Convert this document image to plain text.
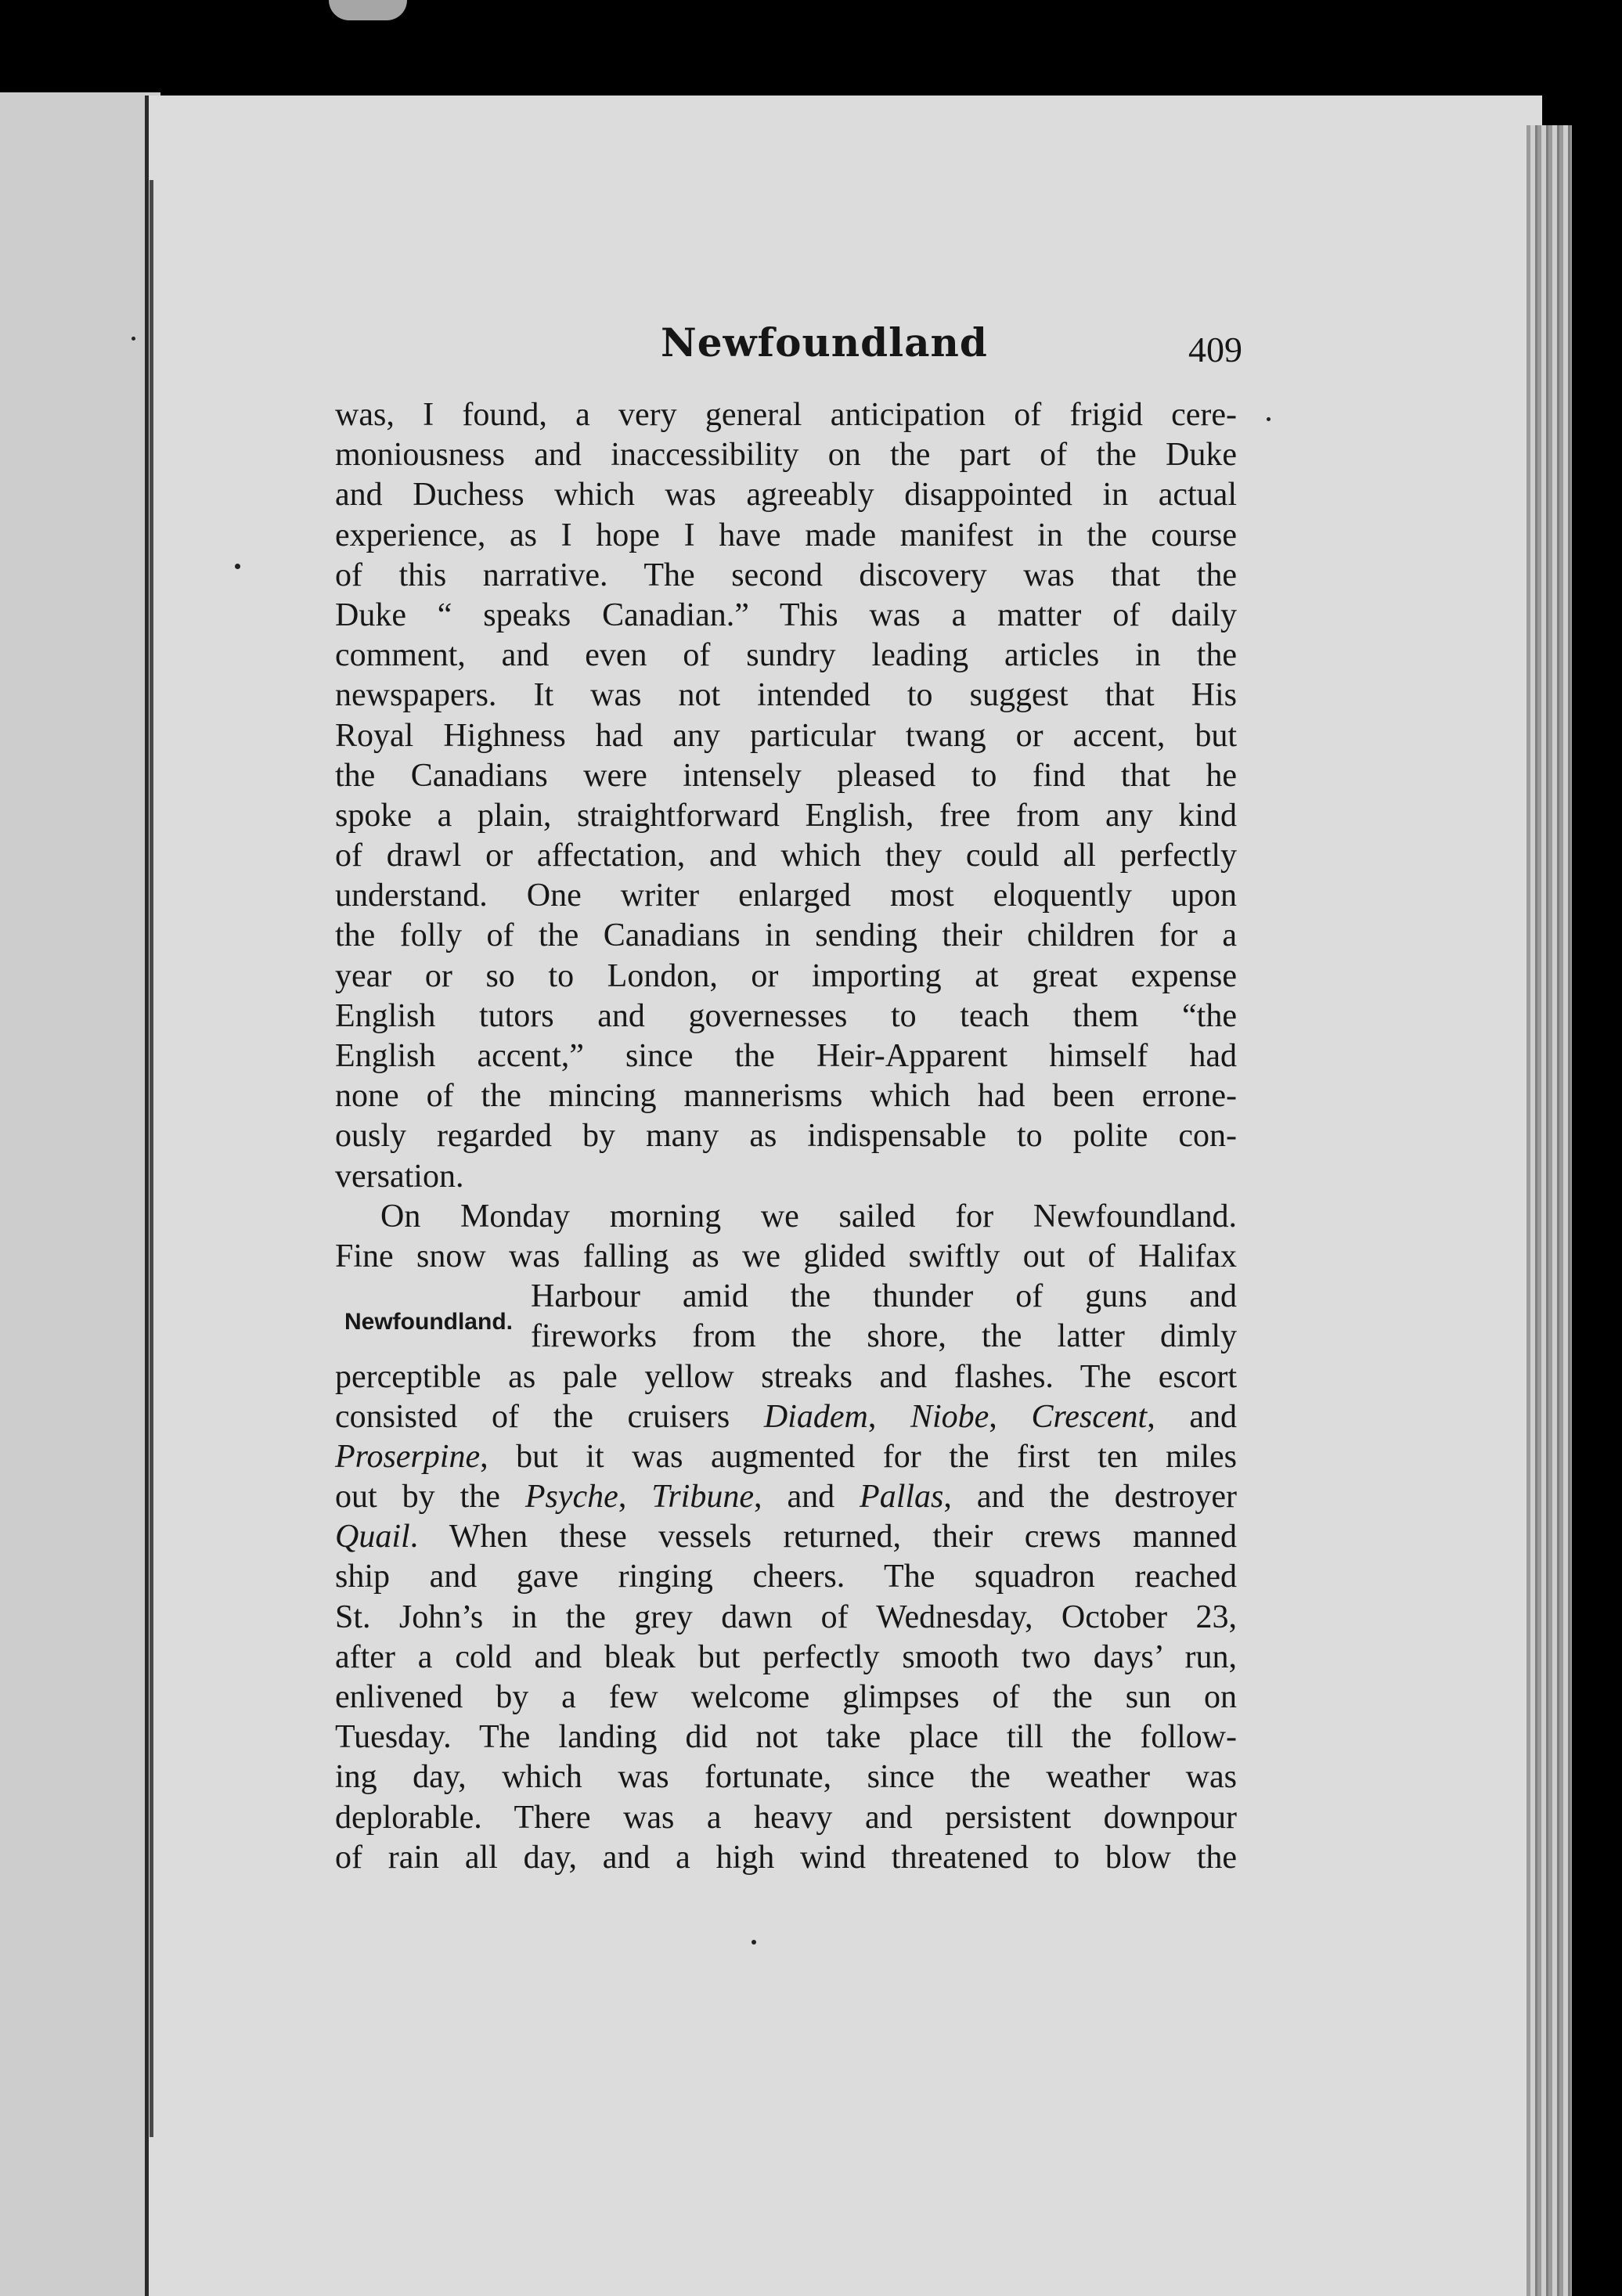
Newfoundland	409
Newfoundland.
was, I found, a very general anticipation of frigid cere-
moniousness and inaccessibility on the part of the Duke
and Duchess which was agreeably disappointed in actual
experience, as I hope I have made manifest in the course
of this narrative. The second discovery was that the
Duke “ speaks Canadian.” This was a matter of daily
comment, and even of sundry leading articles in the
newspapers. It was not intended to suggest that His
Royal Highness had any particular twang or accent, but
the Canadians were intensely pleased to find that he
spoke a plain, straightforward English, free from any kind
of drawl or affectation, and which they could all perfectly
understand. One writer enlarged most eloquently upon
the folly of the Canadians in sending their children for a
year or so to London, or importing at great expense
English tutors and governesses to teach them “the
English accent,” since the Heir-Apparent himself had
none of the mincing mannerisms which had been errone-
ously regarded by many as indispensable to polite con-
versation.
On Monday morning we sailed for Newfoundland.
Fine snow was falling as we glided swiftly out of Halifax
Harbour amid the thunder of guns and
fireworks from the shore, the latter dimly
perceptible as pale yellow streaks and flashes. The escort
consisted of the cruisers Diadem, Niobe, Crescent, and
Proserpine, but it was augmented for the first ten miles
out by the Psyche, Tribune, and Pallas, and the destroyer
Quail. When these vessels returned, their crews manned
ship and gave ringing cheers. The squadron reached
St. John’s in the grey dawn of Wednesday, October 23,
after a cold and bleak but perfectly smooth two days’ run,
enlivened by a few welcome glimpses of the sun on
Tuesday. The landing did not take place till the follow-
ing day, which was fortunate, since the weather was
deplorable. There was a heavy and persistent downpour
of rain all day, and a high wind threatened to blow the
